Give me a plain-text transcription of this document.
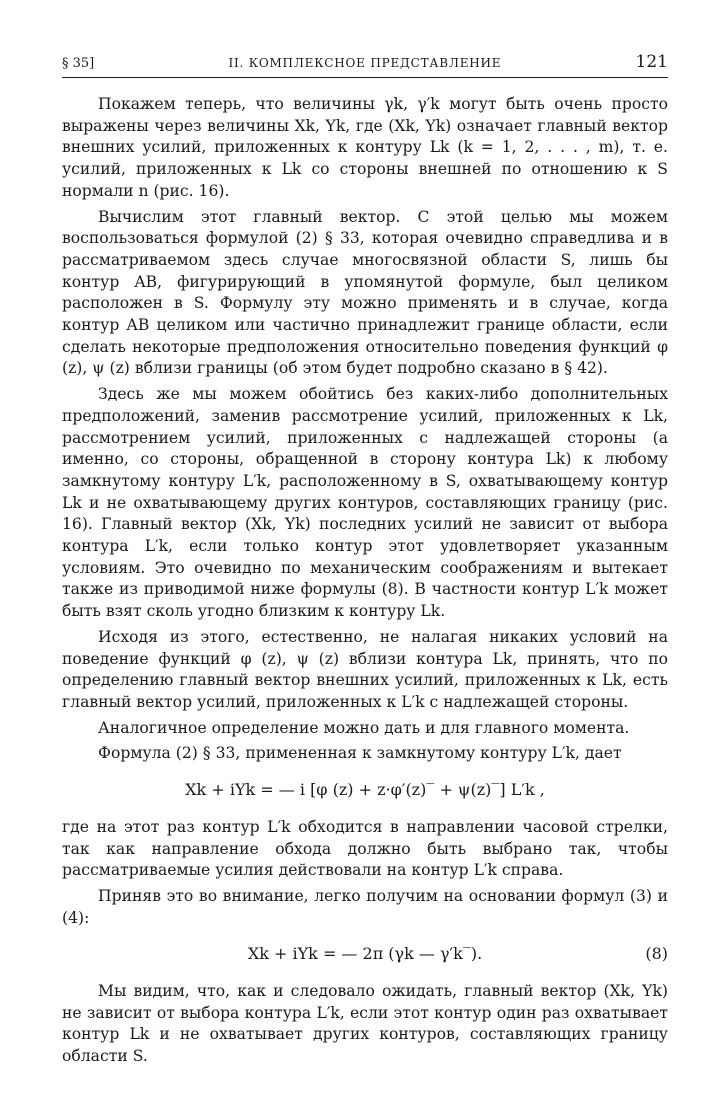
§ 35]	II. КОМПЛЕКСНОЕ ПРЕДСТАВЛЕНИЕ	121

Покажем теперь, что величины γk, γ′k могут быть очень просто выражены через величины Xk, Yk, где (Xk, Yk) означает главный вектор внешних усилий, приложенных к контуру Lk (k = 1, 2, . . . , m), т. е. усилий, приложенных к Lk со стороны внешней по отношению к S нормали n (рис. 16).

Вычислим этот главный вектор. С этой целью мы можем воспользоваться формулой (2) § 33, которая очевидно справедлива и в рассматриваемом здесь случае многосвязной области S, лишь бы контур AB, фигурирующий в упомянутой формуле, был целиком расположен в S. Формулу эту можно применять и в случае, когда контур AB целиком или частично принадлежит границе области, если сделать некоторые предположения относительно поведения функций φ (z), ψ (z) вблизи границы (об этом будет подробно сказано в § 42).

Здесь же мы можем обойтись без каких-либо дополнительных предположений, заменив рассмотрение усилий, приложенных к Lk, рассмотрением усилий, приложенных с надлежащей стороны (а именно, со стороны, обращенной в сторону контура Lk) к любому замкнутому контуру L′k, расположенному в S, охватывающему контур Lk и не охватывающему других контуров, составляющих границу (рис. 16). Главный вектор (Xk, Yk) последних усилий не зависит от выбора контура L′k, если только контур этот удовлетворяет указанным условиям. Это очевидно по механическим соображениям и вытекает также из приводимой ниже формулы (8). В частности контур L′k может быть взят сколь угодно близким к контуру Lk.

Исходя из этого, естественно, не налагая никаких условий на поведение функций φ (z), ψ (z) вблизи контура Lk, принять, что по определению главный вектор внешних усилий, приложенных к Lk, есть главный вектор усилий, приложенных к L′k с надлежащей стороны.

Аналогичное определение можно дать и для главного момента.

Формула (2) § 33, примененная к замкнутому контуру L′k, дает

Xk + iYk = — i [φ (z) + z·φ′(z)‾ + ψ(z)‾] L′k ,

где на этот раз контур L′k обходится в направлении часовой стрелки, так как направление обхода должно быть выбрано так, чтобы рассматриваемые усилия действовали на контур L′k справа.

Приняв это во внимание, легко получим на основании формул (3) и (4):

Xk + iYk = — 2π (γk — γ′k‾).	(8)

Мы видим, что, как и следовало ожидать, главный вектор (Xk, Yk) не зависит от выбора контура L′k, если этот контур один раз охватывает контур Lk и не охватывает других контуров, составляющих границу области S.
